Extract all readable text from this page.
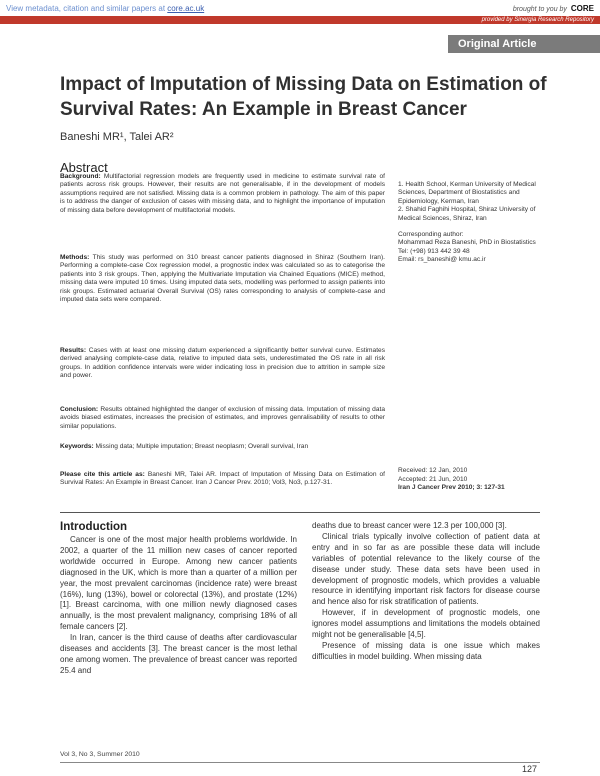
View metadata, citation and similar papers at core.ac.uk	brought to you by CORE
provided by Sinergia Research Repository
Original Article
Impact of Imputation of Missing Data on Estimation of Survival Rates: An Example in Breast Cancer
Baneshi MR¹, Talei AR²
Abstract
Background: Multifactorial regression models are frequently used in medicine to estimate survival rate of patients across risk groups. However, their results are not generalisable, if in the development of models assumptions required are not satisfied. Missing data is a common problem in pathology. The aim of this paper is to address the danger of exclusion of cases with missing data, and to highlight the importance of imputation of missing data before development of multifactorial models.
Methods: This study was performed on 310 breast cancer patients diagnosed in Shiraz (Southern Iran). Performing a complete-case Cox regression model, a prognostic index was calculated so as to categorise the patients into 3 risk groups. Then, applying the Multivariate Imputation via Chained Equations (MICE) method, missing data were imputed 10 times. Using imputed data sets, modelling was performed to assign patients into risk groups. Estimated actuarial Overall Survival (OS) rates corresponding to analysis of complete-case and imputed data sets were compared.
Results: Cases with at least one missing datum experienced a significantly better survival curve. Estimates derived analysing complete-case data, relative to imputed data sets, underestimated the OS rate in all risk groups. In addition confidence intervals were wider indicating loss in precision due to attrition in sample size and power.
Conclusion: Results obtained highlighted the danger of exclusion of missing data. Imputation of missing data avoids biased estimates, increases the precision of estimates, and improves genralisability of results to other similar populations.
Keywords: Missing data; Multiple imputation; Breast neoplasm; Overall survival, Iran
Please cite this article as: Baneshi MR, Talei AR. Impact of Imputation of Missing Data on Estimation of Survival Rates: An Example in Breast Cancer. Iran J Cancer Prev. 2010; Vol3, No3, p.127-31.
1. Health School, Kerman University of Medical Sciences, Department of Biostatistics and Epidemiology, Kerman, Iran
2. Shahid Faghihi Hospital, Shiraz University of Medical Sciences, Shiraz, Iran
Corresponding author:
Mohammad Reza Baneshi, PhD in Biostatistics
Tel: (+98) 913 442 39 48
Email: rs_baneshi@ kmu.ac.ir
Received: 12 Jan, 2010
Accepted: 21 Jun, 2010
Iran J Cancer Prev 2010; 3: 127-31
Introduction

Cancer is one of the most major health problems worldwide. In 2002, a quarter of the 11 million new cases of cancer reported worldwide occurred in Europe. Among new cancer patients diagnosed in the UK, which is more than a quarter of a million per year, the most prevalent carcinomas (incidence rate) were breast (16%), lung (13%), bowel or colorectal (13%), and prostate (12%) [1]. Breast carcinoma, with one million newly diagnosed cases annually, is the most prevalent malignancy, comprising 18% of all female cancers [2].

In Iran, cancer is the third cause of deaths after cardiovascular diseases and accidents [3]. The breast cancer is the most lethal one among women. The prevalence of breast cancer was reported 25.4 and

deaths due to breast cancer were 12.3 per 100,000 [3].

Clinical trials typically involve collection of patient data at entry and in so far as are possible these data will include variables of potential relevance to the likely course of the disease under study. These data sets have been used in development of prognostic models, which provides a valuable resource in identifying important risk factors for disease course and hence also for risk stratification of patients.

However, if in development of prognostic models, one ignores model assumptions and limitations the models obtained might not be generalisable [4,5].

Presence of missing data is one issue which makes difficulties in model building. When missing data

Vol 3, No 3, Summer 2010
127
